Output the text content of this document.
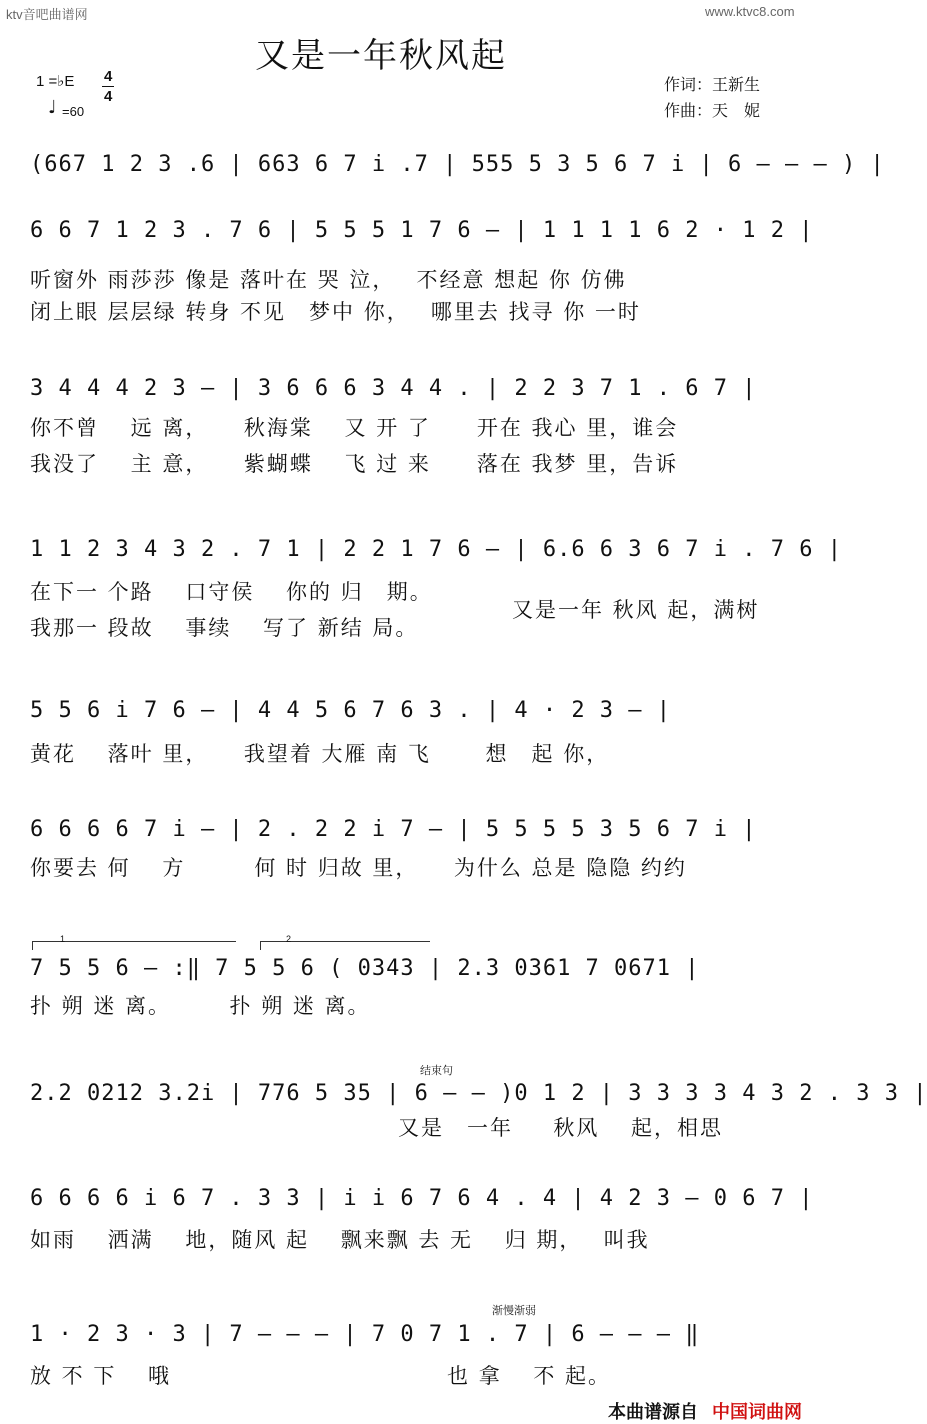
ktv音吧曲谱网	www.ktvc8.com
又是一年秋风起
1 =♭E 4
4
♩ =60
作词：王新生
作曲：天　妮
(667 1 2 3 .6 | 663 6 7 i .7 | 555 5 3 5 6 7 i | 6 — — — ) |
6 6 7 1 2 3 . 7 6 | 5 5 5 1 7 6 — | 1 1 1 1 6 2 · 1 2 |
听窗外 雨莎莎 像是 落叶在 哭 泣，　 不经意 想起 你 仿佛
闭上眼 层层绿 转身 不见　梦中 你，　 哪里去 找寻 你 一时
3 4 4 4 2 3 — | 3 6 6 6 3 4 4 . | 2 2 3 7 1 . 6 7 |
你不曾 　远 离，　　秋海棠 　又 开 了　　开在 我心 里，谁会
我没了 　主 意，　　紫蝴蝶 　飞 过 来　　落在 我梦 里，告诉
1 1 2 3 4 3 2 . 7 1 | 2 2 1 7 6 — | 6.6 6 3 6 7 i . 7 6 |
在下一 个路 　口守侯 　你的 归　期。
我那一 段故 　事续 　写了 新结 局。
又是一年 秋风 起，满树
5 5 6 i 7 6 — | 4 4 5 6 7 6 3 . | 4 · 2 3 — |
黄花 　落叶 里，　　我望着 大雁 南 飞　　 想　起 你，
6 6 6 6 7 i — | 2 . 2 2 i 7 — | 5 5 5 5 3 5 6 7 i |
你要去 何 　方　　　何 时 归故 里，　　为什么 总是 隐隐 约约
1	2
7 5 5 6 — :‖ 7 5 5 6 ( 0343 | 2.3 0361 7 0671 |
扑 朔 迷 离。　　　扑 朔 迷 离。
结束句
2.2 0212 3.2i | 776 5 35 | 6 — — )0 1 2 | 3 3 3 3 4 3 2 . 3 3 |
　　　　　　　　　　　　　　　　又是　一年 　 秋风 　起，相思
6 6 6 6 i 6 7 . 3 3 | i i 6 7 6 4 . 4 | 4 2 3 — 0 6 7 |
如雨 　洒满 　地，随风 起 　飘来飘 去 无 　归 期，　 叫我
渐慢渐弱
1 · 2 3 · 3 | 7 — — — | 7 0 7 1 . 7 | 6 — — — ‖
放 不 下 　哦　　　　　　　　　　　　也 拿 　不 起。
本曲谱源自 中国词曲网
